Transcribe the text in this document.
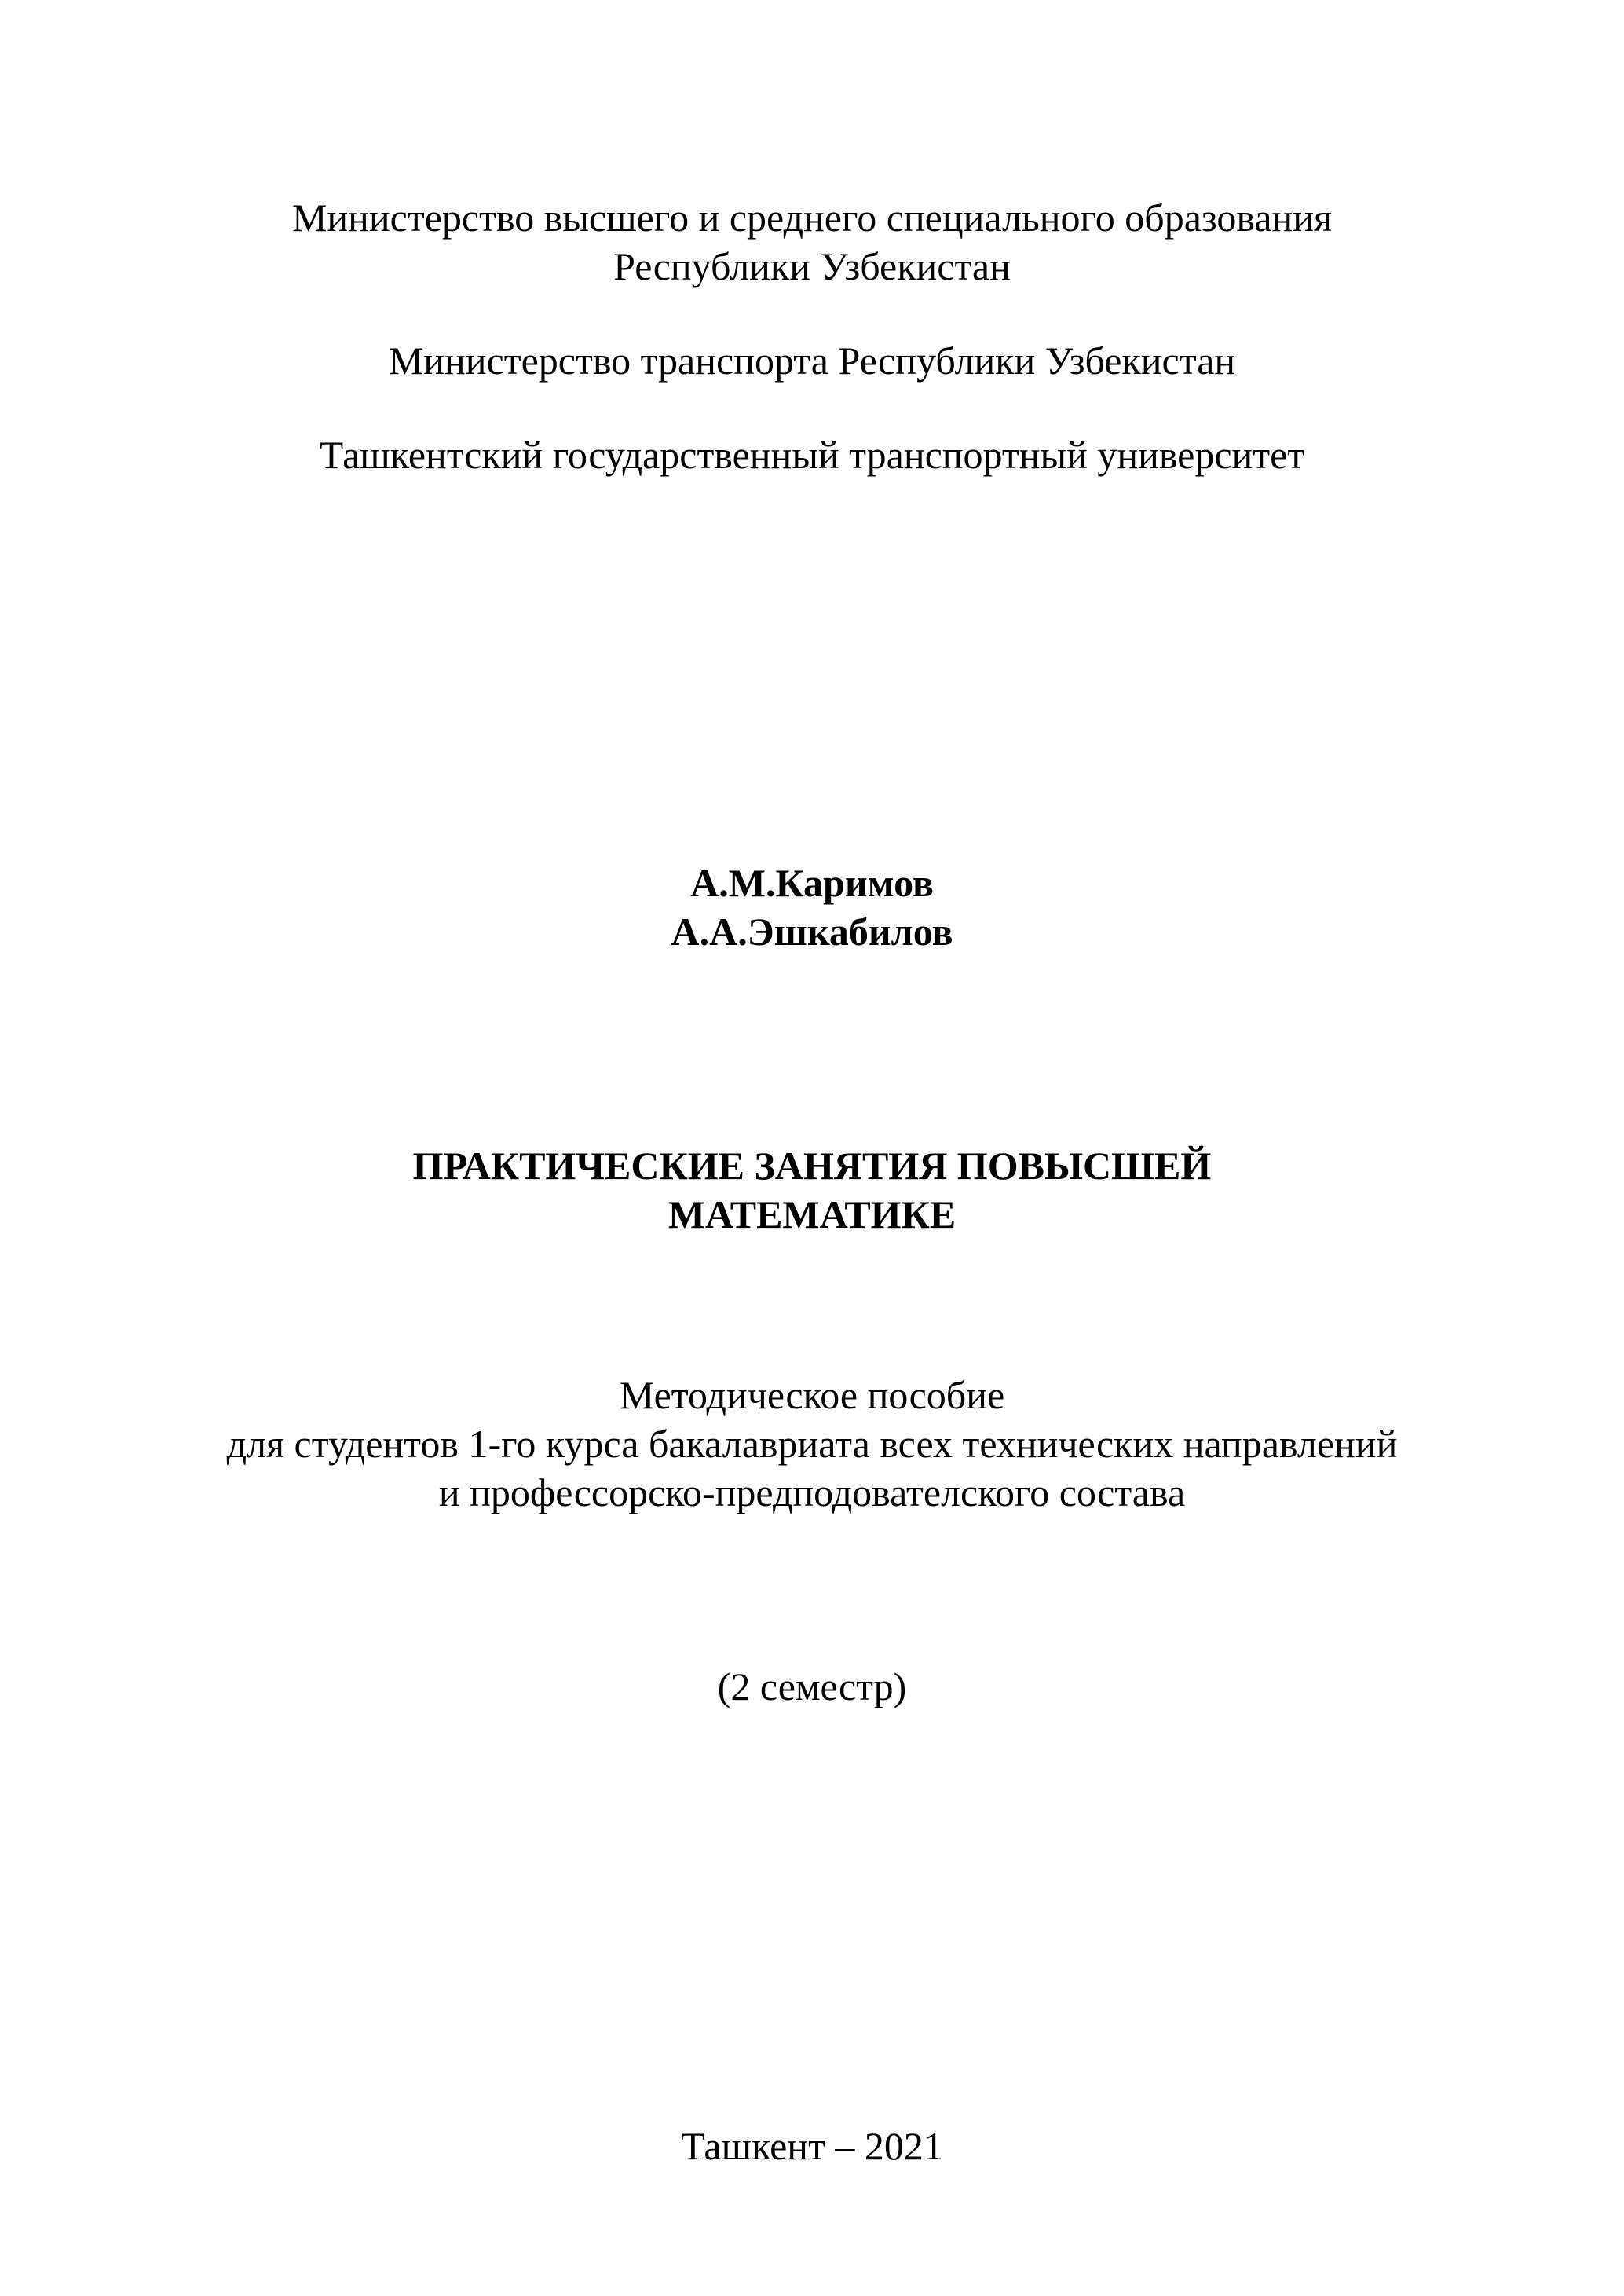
Министерство высшего и среднего специального образования
Республики Узбекистан
Министерство транспорта Республики Узбекистан
Ташкентский государственный транспортный университет
А.М.Каримов
А.А.Эшкабилов
ПРАКТИЧЕСКИЕ ЗАНЯТИЯ ПОВЫСШЕЙ
МАТЕМАТИКЕ
Методическое пособие
для студентов 1-го курса бакалавриата всех технических направлений
и профессорско-предподователского состава
(2 семестр)
Ташкент – 2021
